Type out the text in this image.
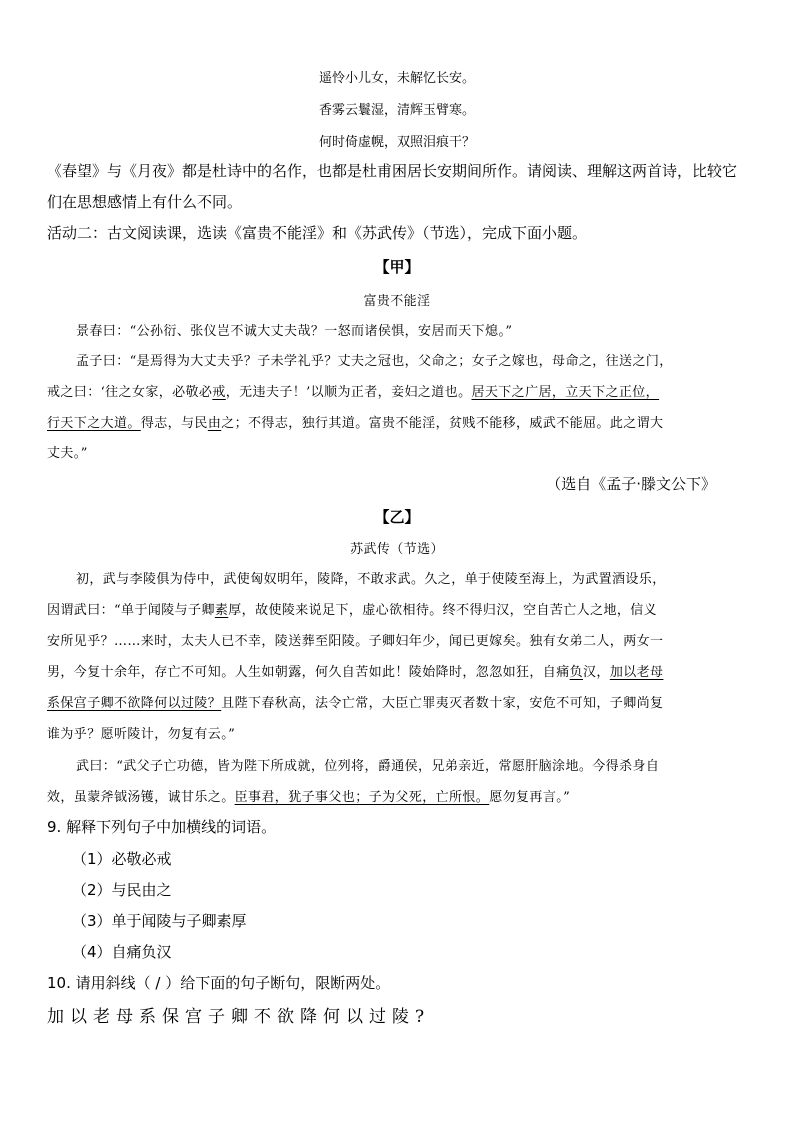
遥怜小儿女，未解忆长安。
香雾云鬟湿，清辉玉臂寒。
何时倚虚幌，双照泪痕干？
《春望》与《月夜》都是杜诗中的名作，也都是杜甫困居长安期间所作。请阅读、理解这两首诗，比较它
们在思想感情上有什么不同。
活动二：古文阅读课，选读《富贵不能淫》和《苏武传》（节选），完成下面小题。
【甲】
富贵不能淫
景春曰：“公孙衍、张仪岂不诚大丈夫哉？一怒而诸侯惧，安居而天下熄。”
孟子曰：“是焉得为大丈夫乎？子未学礼乎？丈夫之冠也，父命之；女子之嫁也，母命之，往送之门，
戒之曰：‘往之女家，必敬必戒，无违夫子！’以顺为正者，妾妇之道也。居天下之广居，立天下之正位，
行天下之大道。得志，与民由之；不得志，独行其道。富贵不能淫，贫贱不能移，威武不能屈。此之谓大
丈夫。”
（选自《孟子·滕文公下》
【乙】
苏武传（节选）
初，武与李陵俱为侍中，武使匈奴明年，陵降，不敢求武。久之，单于使陵至海上，为武置酒设乐，
因谓武曰：“单于闻陵与子卿素厚，故使陵来说足下，虚心欲相待。终不得归汉，空自苦亡人之地，信义
安所见乎？……来时，太夫人已不幸，陵送葬至阳陵。子卿妇年少，闻已更嫁矣。独有女弟二人，两女一
男，今复十余年，存亡不可知。人生如朝露，何久自苦如此！陵始降时，忽忽如狂，自痛负汉，加以老母
系保宫子卿不欲降何以过陵？且陛下春秋高，法令亡常，大臣亡罪夷灭者数十家，安危不可知，子卿尚复
谁为乎？愿听陵计，勿复有云。”
武曰：“武父子亡功德，皆为陛下所成就，位列将，爵通侯，兄弟亲近，常愿肝脑涂地。今得杀身自
效，虽蒙斧钺汤镬，诚甘乐之。臣事君，犹子事父也；子为父死，亡所恨。愿勿复再言。”
9. 解释下列句子中加横线的词语。
（1）必敬必戒
（2）与民由之
（3）单于闻陵与子卿素厚
（4）自痛负汉
10. 请用斜线（ / ）给下面的句子断句，限断两处。
加以老母系保宫子卿不欲降何以过陵?
